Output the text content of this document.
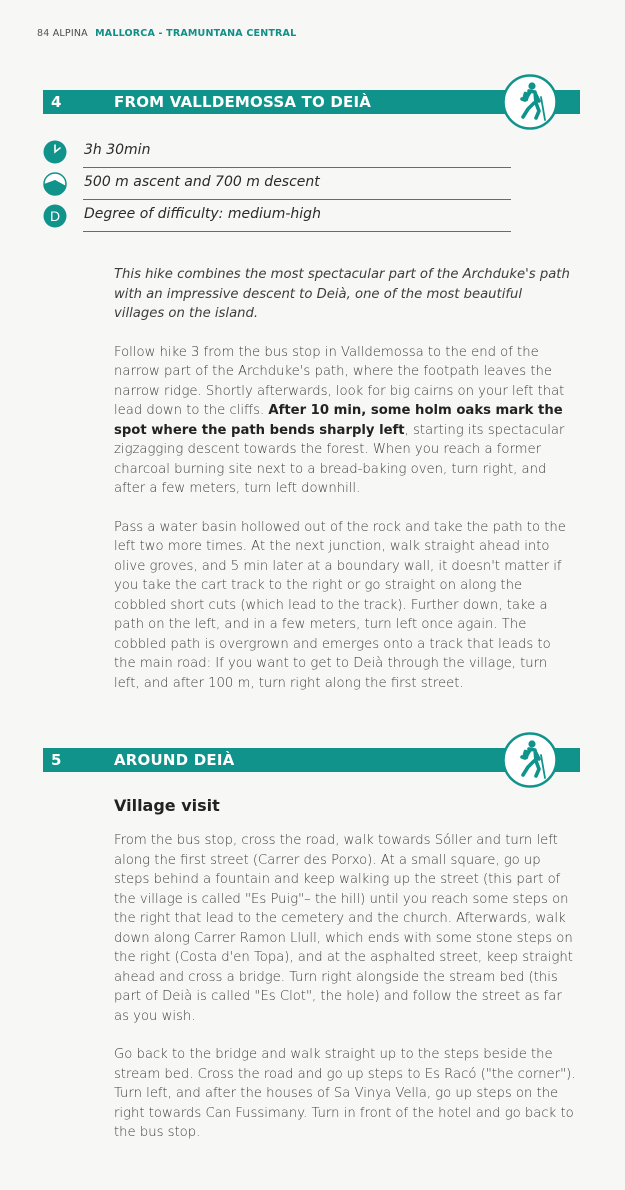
84 ALPINA MALLORCA - TRAMUNTANA CENTRAL
4	FROM VALLDEMOSSA TO DEIÀ
3h 30min
500 m ascent and 700 m descent
D Degree of difficulty: medium-high

This hike combines the most spectacular part of the Archduke's path with an impressive descent to Deià, one of the most beautiful villages on the island.

Follow hike 3 from the bus stop in Valldemossa to the end of the narrow part of the Archduke's path, where the footpath leaves the narrow ridge. Shortly afterwards, look for big cairns on your left that lead down to the cliffs. After 10 min, some holm oaks mark the spot where the path bends sharply left, starting its spectacular zigzagging descent towards the forest. When you reach a former charcoal burning site next to a bread-baking oven, turn right, and after a few meters, turn left downhill.

Pass a water basin hollowed out of the rock and take the path to the left two more times. At the next junction, walk straight ahead into olive groves, and 5 min later at a boundary wall, it doesn't matter if you take the cart track to the right or go straight on along the cobbled short cuts (which lead to the track). Further down, take a path on the left, and in a few meters, turn left once again. The cobbled path is overgrown and emerges onto a track that leads to the main road: If you want to get to Deià through the village, turn left, and after 100 m, turn right along the first street.

5	AROUND DEIÀ
Village visit

From the bus stop, cross the road, walk towards Sóller and turn left along the first street (Carrer des Porxo). At a small square, go up steps behind a fountain and keep walking up the street (this part of the village is called "Es Puig"– the hill) until you reach some steps on the right that lead to the cemetery and the church. Afterwards, walk down along Carrer Ramon Llull, which ends with some stone steps on the right (Costa d'en Topa), and at the asphalted street, keep straight ahead and cross a bridge. Turn right alongside the stream bed (this part of Deià is called "Es Clot", the hole) and follow the street as far as you wish.

Go back to the bridge and walk straight up to the steps beside the stream bed. Cross the road and go up steps to Es Racó ("the corner"). Turn left, and after the houses of Sa Vinya Vella, go up steps on the right towards Can Fussimany. Turn in front of the hotel and go back to the bus stop.
